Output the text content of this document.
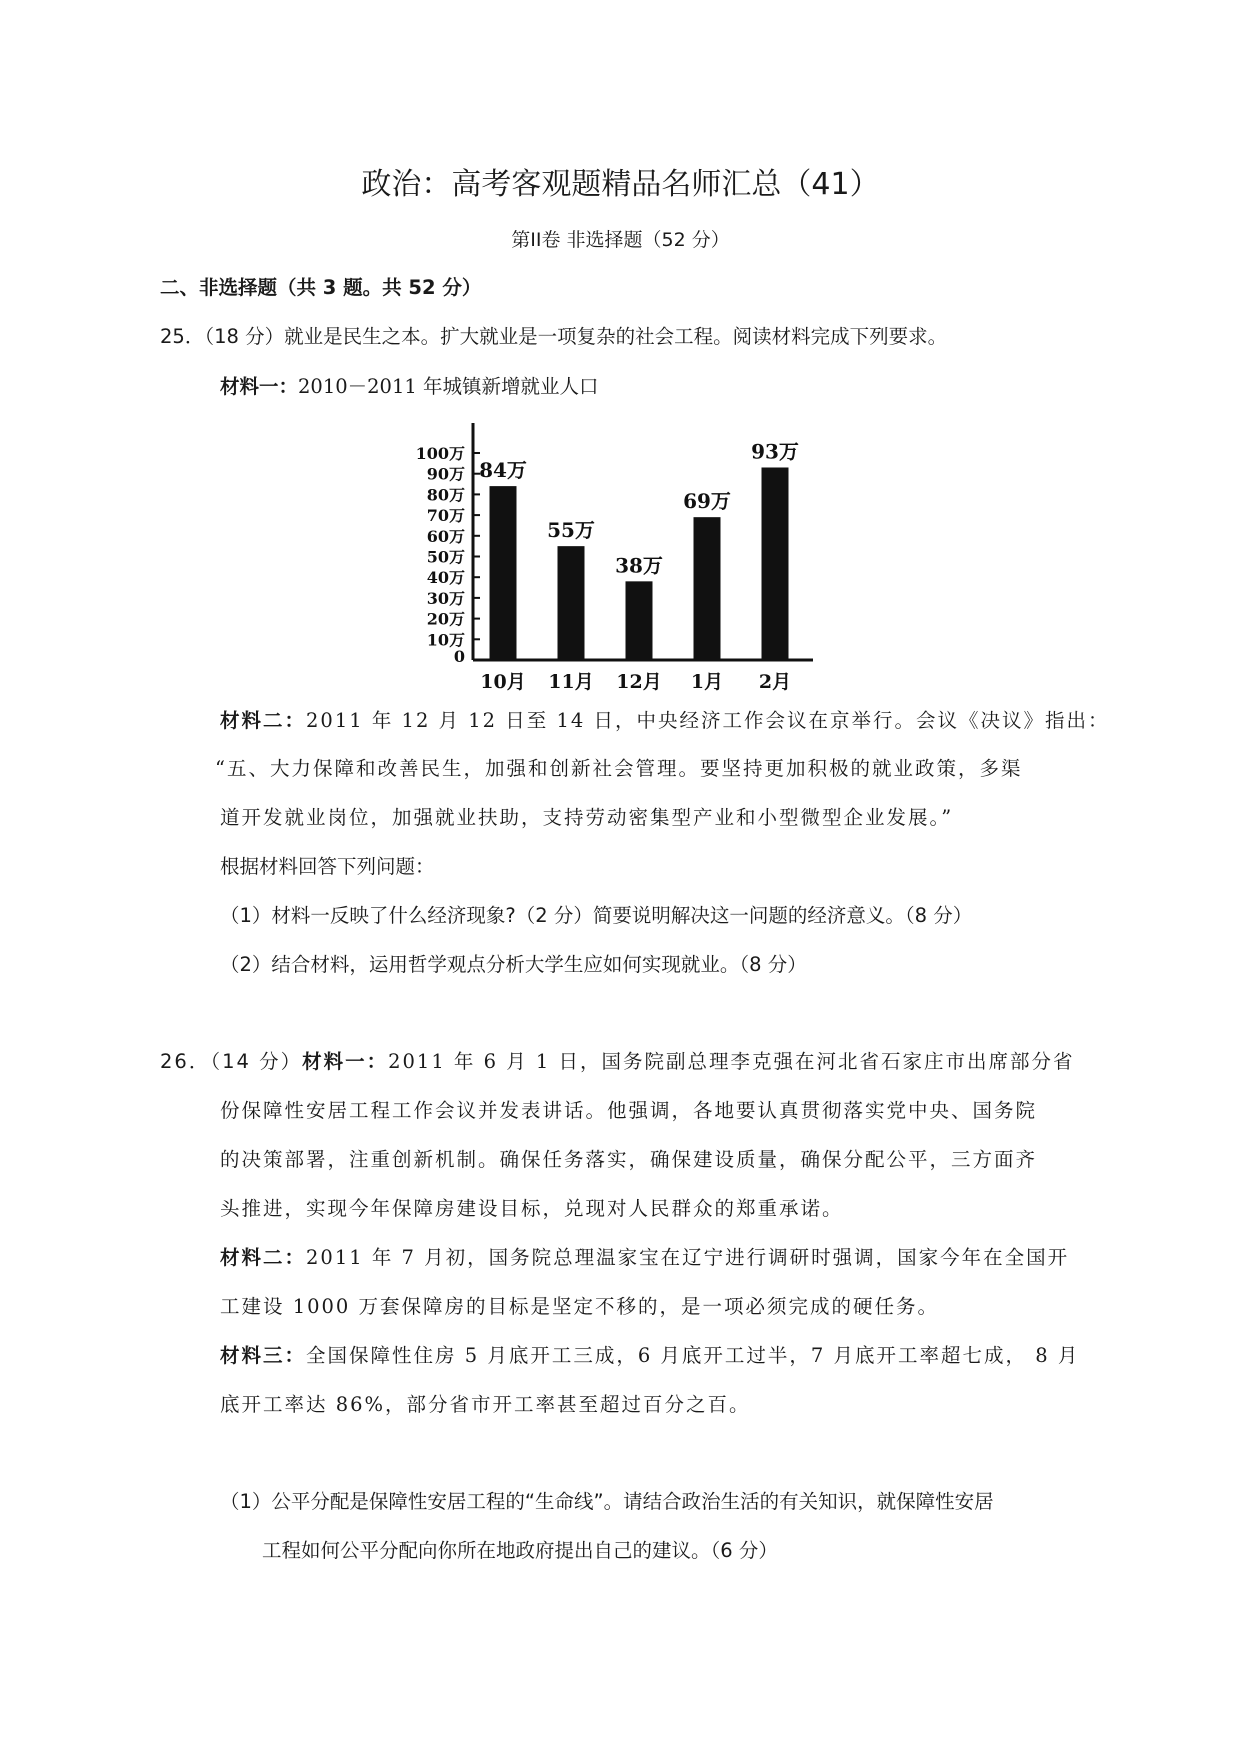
政治：高考客观题精品名师汇总（41）
第II卷 非选择题（52 分）
二、非选择题（共 3 题。共 52 分）
25．（18 分）就业是民生之本。扩大就业是一项复杂的社会工程。阅读材料完成下列要求。
材料一：2010－2011 年城镇新增就业人口
0
10万
20万
30万
40万
50万
60万
70万
80万
90万
100万
84万
10月
55万
11月
38万
12月
69万
1月
93万
2月
材料二：2011 年 12 月 12 日至 14 日，中央经济工作会议在京举行。会议《决议》指出：
“五、大力保障和改善民生，加强和创新社会管理。要坚持更加积极的就业政策，多渠
道开发就业岗位，加强就业扶助，支持劳动密集型产业和小型微型企业发展。”
根据材料回答下列问题：
（1）材料一反映了什么经济现象?（2 分）简要说明解决这一问题的经济意义。（8 分）
（2）结合材料，运用哲学观点分析大学生应如何实现就业。（8 分）
26．（14 分）材料一：2011 年 6 月 1 日，国务院副总理李克强在河北省石家庄市出席部分省
份保障性安居工程工作会议并发表讲话。他强调，各地要认真贯彻落实党中央、国务院
的决策部署，注重创新机制。确保任务落实，确保建设质量，确保分配公平，三方面齐
头推进，实现今年保障房建设目标，兑现对人民群众的郑重承诺。
材料二：2011 年 7 月初，国务院总理温家宝在辽宁进行调研时强调，国家今年在全国开
工建设 1000 万套保障房的目标是坚定不移的，是一项必须完成的硬任务。
材料三：全国保障性住房 5 月底开工三成，6 月底开工过半，7 月底开工率超七成， 8 月
底开工率达 86%，部分省市开工率甚至超过百分之百。
（1）公平分配是保障性安居工程的“生命线”。请结合政治生活的有关知识，就保障性安居
工程如何公平分配向你所在地政府提出自己的建议。（6 分）
